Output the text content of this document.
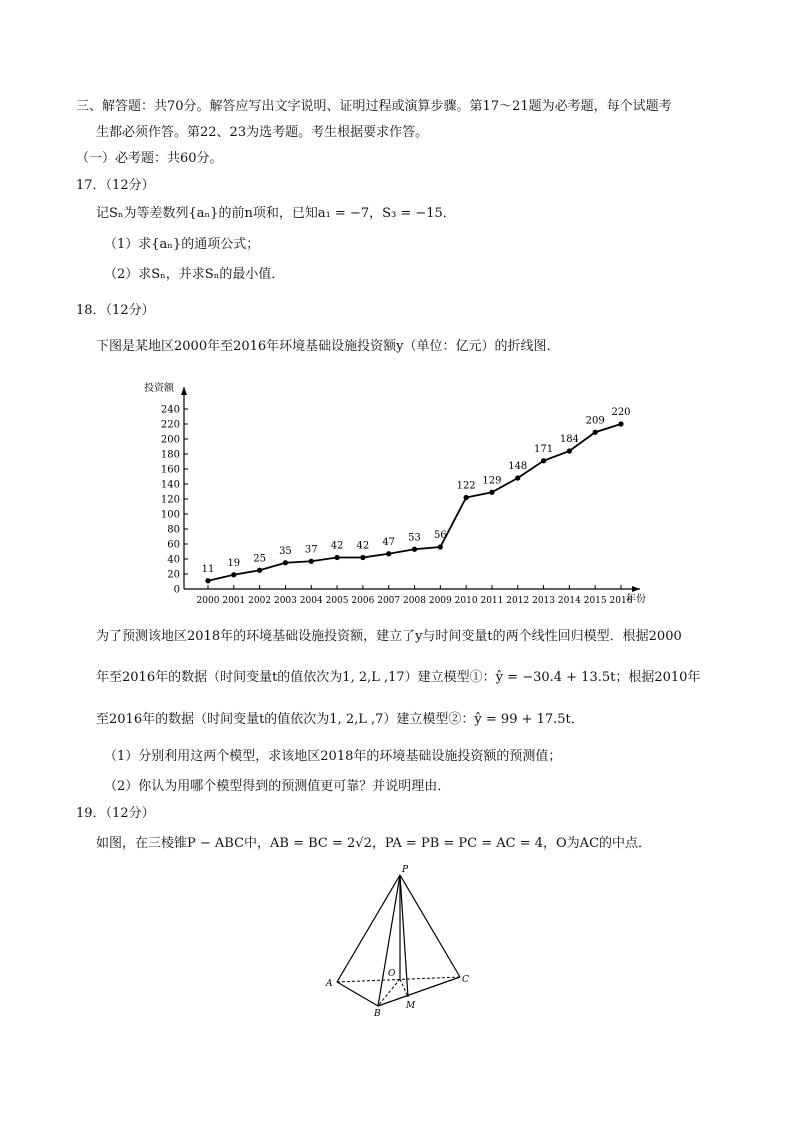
三、解答题：共70分。解答应写出文字说明、证明过程或演算步骤。第17～21题为必考题，每个试题考
生都必须作答。第22、23为选考题。考生根据要求作答。
（一）必考题：共60分。
17．（12分）
记Sₙ为等差数列{aₙ}的前n项和，已知a₁ = −7，S₃ = −15．
（1）求{aₙ}的通项公式；
（2）求Sₙ，并求Sₙ的最小值．
18．（12分）
下图是某地区2000年至2016年环境基础设施投资额y（单位：亿元）的折线图．
投资额
年份
0
20
40
60
80
100
120
140
160
180
200
220
240
2000 2001 2002 2003 2004 2005 2006 2007 2008 2009 2010 2011 2012 2013 2014 2015 2016
11
19 25
35 37 42 42 47 53 56
122 129
148
171
184
209
220
为了预测该地区2018年的环境基础设施投资额，建立了y与时间变量t的两个线性回归模型．根据2000
年至2016年的数据（时间变量t的值依次为1, 2,L ,17）建立模型①：ŷ = −30.4 + 13.5t；根据2010年
至2016年的数据（时间变量t的值依次为1, 2,L ,7）建立模型②：ŷ = 99 + 17.5t．
（1）分别利用这两个模型，求该地区2018年的环境基础设施投资额的预测值；
（2）你认为用哪个模型得到的预测值更可靠？并说明理由．
19．（12分）
如图，在三棱锥P − ABC中，AB = BC = 2√2，PA = PB = PC = AC = 4，O为AC的中点．
P
A
B
C
O
M
